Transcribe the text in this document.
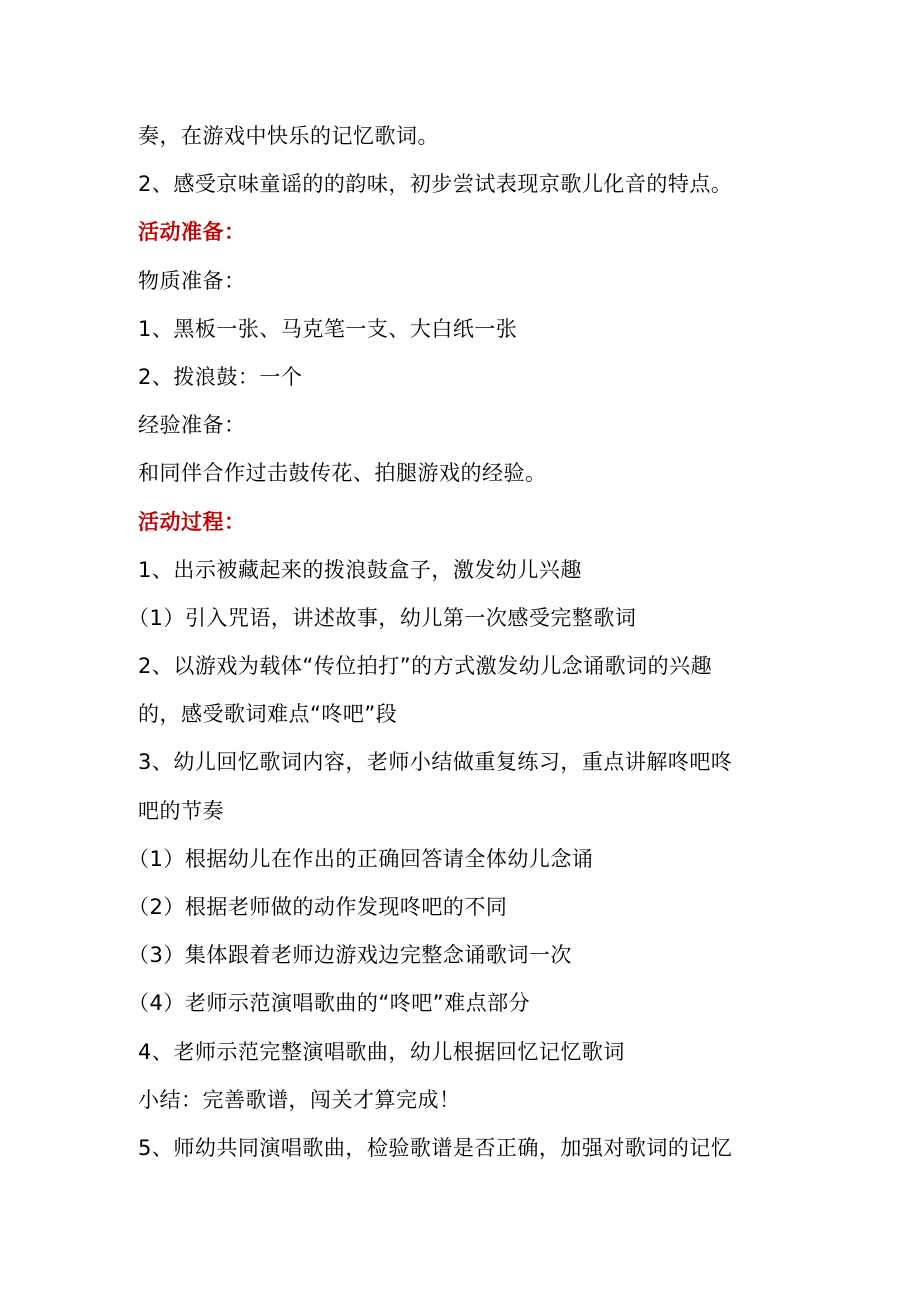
奏，在游戏中快乐的记忆歌词。
2、感受京味童谣的的韵味，初步尝试表现京歌儿化音的特点。
活动准备：
物质准备：
1、黑板一张、马克笔一支、大白纸一张
2、拨浪鼓：一个
经验准备：
和同伴合作过击鼓传花、拍腿游戏的经验。
活动过程：
1、出示被藏起来的拨浪鼓盒子，激发幼儿兴趣
（1）引入咒语，讲述故事，幼儿第一次感受完整歌词
2、以游戏为载体“传位拍打”的方式激发幼儿念诵歌词的兴趣
的，感受歌词难点“咚吧”段
3、幼儿回忆歌词内容，老师小结做重复练习，重点讲解咚吧咚
吧的节奏
（1）根据幼儿在作出的正确回答请全体幼儿念诵
（2）根据老师做的动作发现咚吧的不同
（3）集体跟着老师边游戏边完整念诵歌词一次
（4）老师示范演唱歌曲的“咚吧”难点部分
4、老师示范完整演唱歌曲，幼儿根据回忆记忆歌词
小结：完善歌谱，闯关才算完成！
5、师幼共同演唱歌曲，检验歌谱是否正确，加强对歌词的记忆
